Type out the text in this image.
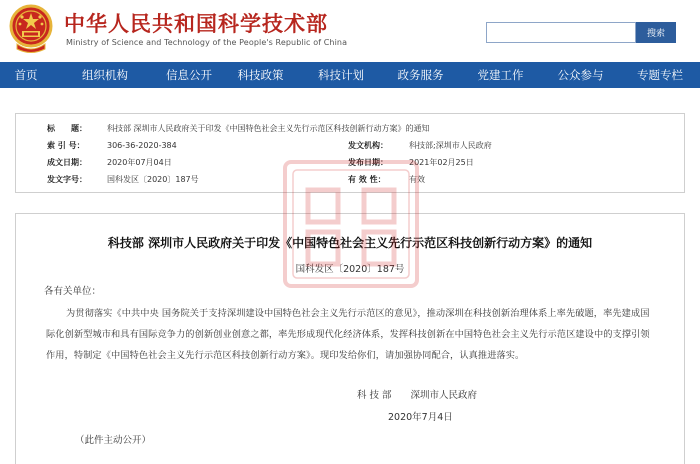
中华人民共和国科学技术部
Ministry of Science and Technology of the People's Republic of China
搜索
首页	组织机构	信息公开	科技政策	科技计划	政务服务	党建工作	公众参与	专题专栏
标　　题：	科技部 深圳市人民政府关于印发《中国特色社会主义先行示范区科技创新行动方案》的通知
索 引 号：	306-36-2020-384	发文机构：	科技部;深圳市人民政府
成文日期：	2020年07月04日	发布日期：	2021年02月25日
发文字号：	国科发区〔2020〕187号	有 效 性：	有效
科技部 深圳市人民政府关于印发《中国特色社会主义先行示范区科技创新行动方案》的通知
国科发区〔2020〕187号
各有关单位：
为贯彻落实《中共中央 国务院关于支持深圳建设中国特色社会主义先行示范区的意见》，推动深圳在科技创新治理体系上率先破题，率先建成国际化创新型城市和具有国际竞争力的创新创业创意之都，率先形成现代化经济体系，发挥科技创新在中国特色社会主义先行示范区建设中的支撑引领作用，特制定《中国特色社会主义先行示范区科技创新行动方案》。现印发给你们，请加强协同配合，认真推进落实。
科 技 部　　深圳市人民政府
2020年7月4日
（此件主动公开）
